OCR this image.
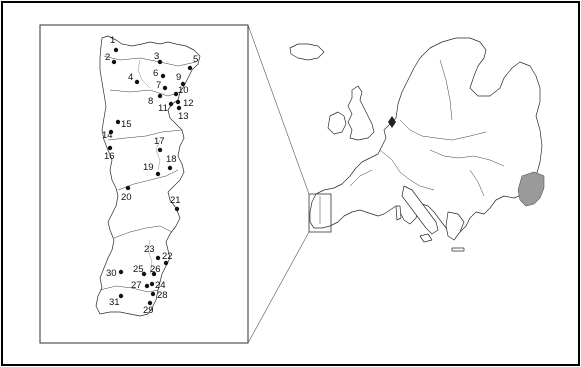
1
2	3
4
5
6
7
8
9
10
11 12
13
14
15
16
17
18
19
20	21
22
23
24
25 26
27
28
29
30
31
